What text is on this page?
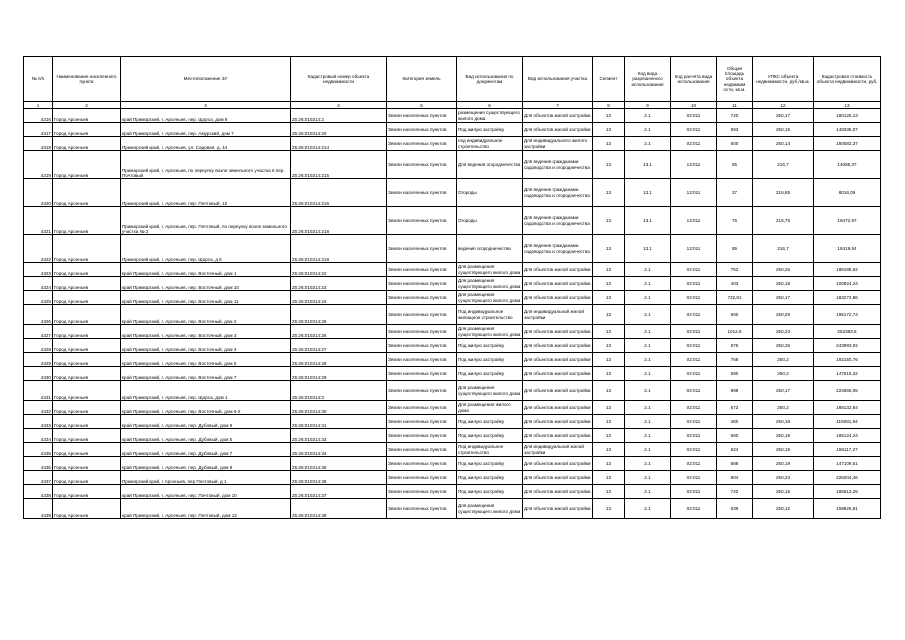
№ п/п	Наименование населенного пункта	Местоположение ЗУ	Кадастровый номер объекта недвижимости	Категория земель	Вид использования по документам	Вид использования участка	Сегмент	Код вида разрешенного использования	Код расчёта вида использования	Общая площадь объекта недвижим ости, кв.м.	УПКС объекта недвижимости, руб./кв.м.	Кадастровая стоимость объекта недвижимости, руб.
1	2	3	4	5	6	7	8	9	10	11	12	13
4316	Город Арсеньев	край Приморский, г. Арсеньев, пер. Щорса, дом 8	25:26:010314:2	Земли населенных пунктов	размещения существующего жилого дома	Для объектов жилой застройки	13	2.1	02:011	720	250,17	180125,13
4317	Город Арсеньев	край Приморский, г. Арсеньев, пер. Амурский, дом 7	25:26:010314:20	Земли населенных пунктов	Под жилую застройку	Для объектов жилой застройки	13	2.1	02:011	593	250,15	148336,07
4318	Город Арсеньев	Приморский край, г. Арсеньев, ул. Садовая, д. 44	25:26:010314:214	Земли населенных пунктов	под индивидуальное строительство	Для индивидуального жилого застройки	13	2.1	02:011	600	250,14	150083,37
4319	Город Арсеньев	Приморский край, г. Арсеньев, по переулку возле земельного участка 6 пер. Почтовый	25:26:010314:215	Земли населенных пунктов	Для ведения огородничества	Для ведения гражданами садоводства и огородничества	13	13.1	13:011	65	216,7	14085,37
4320	Город Арсеньев	Приморский край, г. Арсеньев, пер. Почтовый, 12	25:26:010314:216	Земли населенных пунктов	Огороды	Для ведения гражданами садоводства и огородничества	13	13.1	13:011	37	216,65	8016,05
4321	Город Арсеньев	Приморский край, г. Арсеньев, пер. Почтовый, по переулку возле земельного участка № 2	25:26:010314:218	Земли населенных пунктов	Огороды	Для ведения гражданами садоводства и огородничества	13	13.1	13:011	76	216,75	16472,97
4322	Город Арсеньев	Приморский край, г. Арсеньев, пер. Щорса, д 5	25:26:010314:219	Земли населенных пунктов	ведения огородничества	Для ведения гражданами садоводства и огородничества	13	13.1	13:011	85	216,7	18419,64
4323	Город Арсеньев	край Приморский, г. Арсеньев, пер. Восточный, дом 1	25:26:010314:22	Земли населенных пунктов	Для размещения существующего жилого дома	Для объектов жилой застройки	13	2.1	02:011	752	250,25	188189,62
4324	Город Арсеньев	край Приморский, г. Арсеньев, пер. Восточный, дом 10	25:26:010314:23	Земли населенных пунктов	Для размещения существующего жилого дома	Для объектов жилой застройки	13	2.1	02:011	403	250,18	100824,24
4325	Город Арсеньев	край Приморский, г. Арсеньев, пер. Восточный, дом 11	25:26:010314:24	Земли населенных пунктов	Для размещения существующего жилого дома	Для объектов жилой застройки	13	2.1	02:011	732,81	250,17	183274,86
4326	Город Арсеньев	край Приморский, г. Арсеньев, пер. Восточный, дом 2	25:26:010314:25	Земли населенных пунктов	Под индивидуальное жилищное строительство	Для индивидуальной жилой застройки	13	2.1	02:011	660	250,29	165172,74
4327	Город Арсеньев	край Приморский, г. Арсеньев, пер. Восточный, дом 3	25:26:010314:26	Земли населенных пунктов	Для размещения существующего жилого дома	Для объектов жилой застройки	13	2.1	02:011	1012,6	250,23	253383,5
4328	Город Арсеньев	край Приморский, г. Арсеньев, пер. Восточный, дом 4	25:26:010314:27	Земли населенных пунктов	Под жилую застройку	Для объектов жилой застройки	13	2.1	02:011	975	250,25	243993,02
4329	Город Арсеньев	край Приморский, г. Арсеньев, пер. Восточный, дом 5	25:26:010314:28	Земли населенных пунктов	Под жилую застройку	Для объектов жилой застройки	13	2.1	02:011	768	250,2	192150,76
4330	Город Арсеньев	край Приморский, г. Арсеньев, пер. Восточный, дом 7	25:26:010314:29	Земли населенных пунктов	Под жилую застройку	Для объектов жилой застройки	13	2.1	02:011	590	250,2	147615,32
4331	Город Арсеньев	край Приморский, г. Арсеньев, пер. Щорса, дом 1	25:26:010314:3	Земли населенных пунктов	Для размещения существующего жилого дома	Для объектов жилой застройки	13	2.1	02:011	898	250,17	224656,05
4332	Город Арсеньев	край Приморский, г. Арсеньев, пер. Восточный, дом 6-2	25:26:010314:30	Земли населенных пунктов	Для размещения жилого дома	Для объектов жилой застройки	13	2.1	02:011	672	250,2	168132,84
4333	Город Арсеньев	край Приморский, г. Арсеньев, пер. Дубовый, дом 9	25:26:010314:31	Земли населенных пунктов	Под жилую застройку	Для объектов жилой застройки	13	2.1	02:011	460	250,18	115081,94
4334	Город Арсеньев	край Приморский, г. Арсеньев, пер. Дубовый, дом 5	25:26:010314:33	Земли населенных пунктов	Под жилую застройку	Для объектов жилой застройки	13	2.1	02:011	660	250,19	165124,24
4335	Город Арсеньев	край Приморский, г. Арсеньев, пер. Дубовый, дом 7	25:26:010314:34	Земли населенных пунктов	Под индивидуальное строительство	Для индивидуальной жилой застройки	13	2.1	02:011	624	250,19	156117,27
4336	Город Арсеньев	край Приморский, г. Арсеньев, пер. Дубовый, дом 8	25:26:010314:35	Земли населенных пунктов	Под жилую застройку	Для объектов жилой застройки	13	2.1	02:011	588	250,19	147109,51
4337	Город Арсеньев	Приморский край, г Арсеньев, пер Почтовый, д 1	25:26:010314:36	Земли населенных пунктов	Под жилую застройку	Для объектов жилой застройки	13	2.1	02:011	904	250,23	226204,46
4338	Город Арсеньев	край Приморский, г. Арсеньев, пер. Почтовый, дом 10	25:26:010314:37	Земли населенных пунктов	Под жилую застройку	Для объектов жилой застройки	13	2.1	02:011	742	250,15	185613,25
4339	Город Арсеньев	край Приморский, г. Арсеньев, пер. Почтовый, дом 12	25:26:010314:39	Земли населенных пунктов	Для размещения существующего жилого дома	Для объектов жилой застройки	13	2.1	02:011	639	250,12	159825,81
